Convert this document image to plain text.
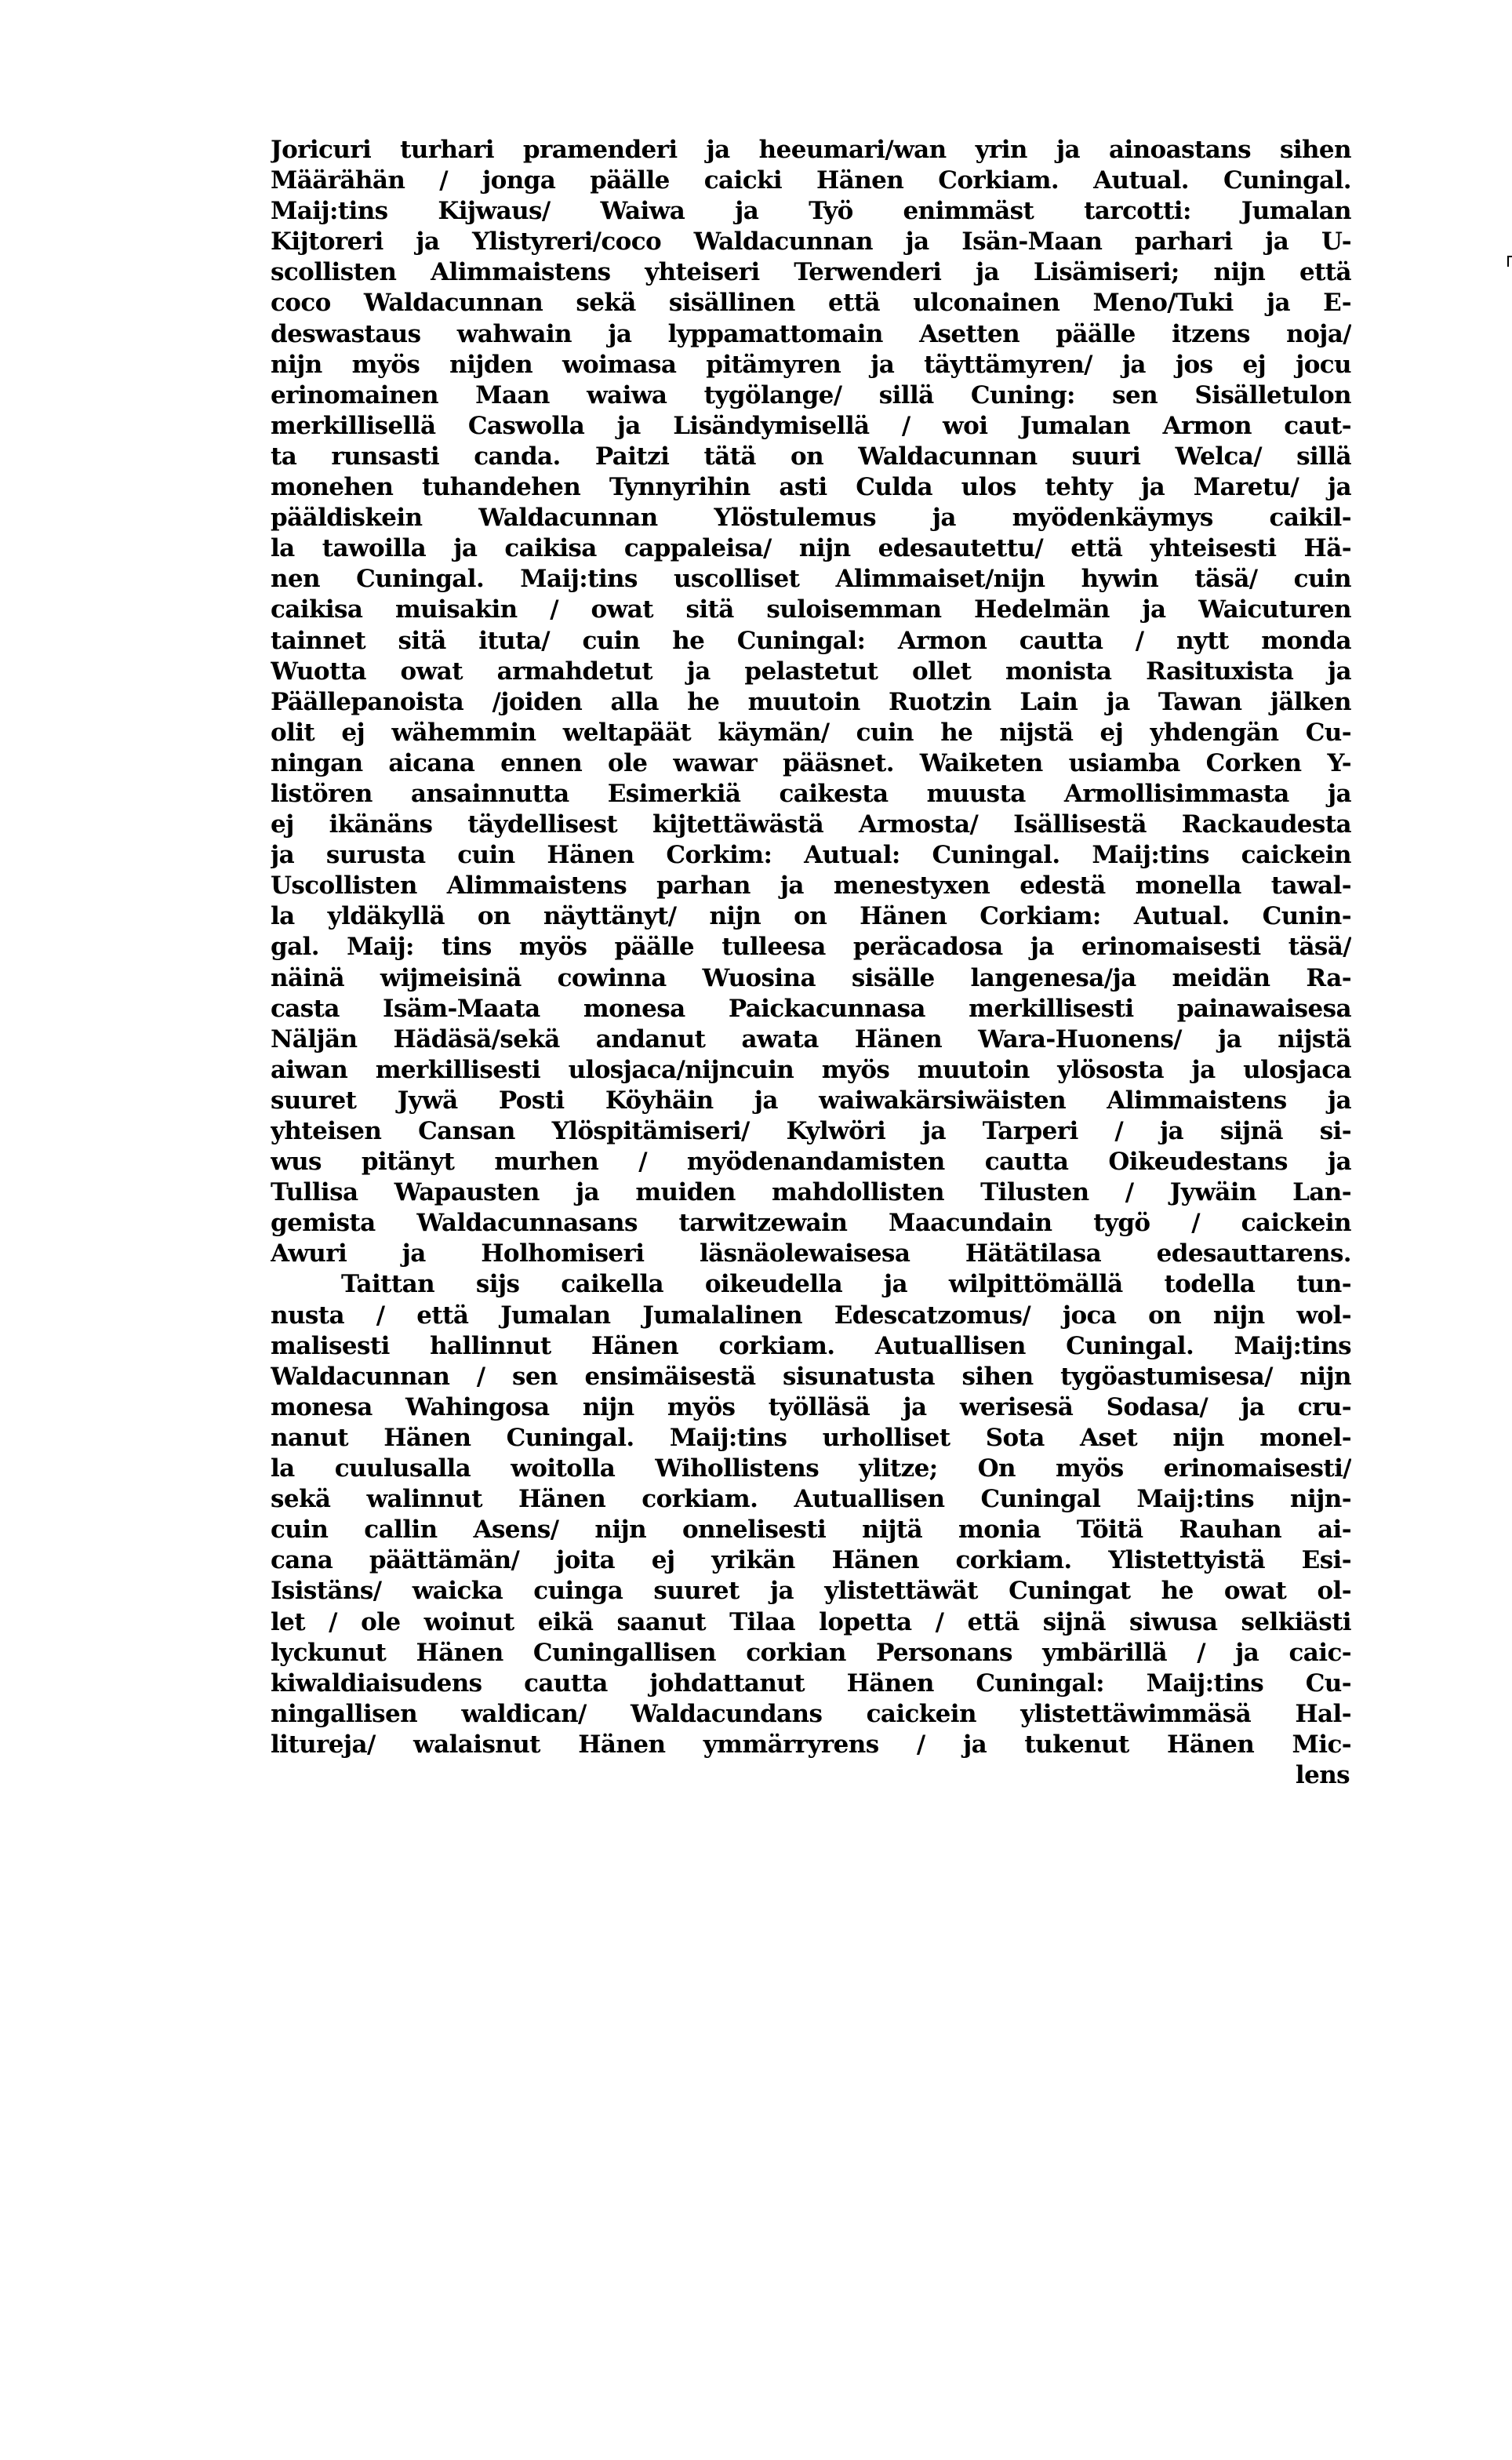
Joricuri turhari pramenderi ja heeumari/wan yrin ja ainoastans sihen
Määrähän / jonga päälle caicki Hänen Corkiam. Autual. Cuningal.
Maij:tins Kijwaus/ Waiwa ja Työ enimmäst tarcotti: Jumalan
Kijtoreri ja Ylistyreri/coco Waldacunnan ja Isän-Maan parhari ja U-
scollisten Alimmaistens yhteiseri Terwenderi ja Lisämiseri; nijn että
coco Waldacunnan sekä sisällinen että ulconainen Meno/Tuki ja E-
deswastaus wahwain ja lyppamattomain Asetten päälle itzens noja/
nijn myös nijden woimasa pitämyren ja täyttämyren/ ja jos ej jocu
erinomainen Maan waiwa tygölange/ sillä Cuning: sen Sisälletulon
merkillisellä Caswolla ja Lisändymisellä / woi Jumalan Armon caut-
ta runsasti canda. Paitzi tätä on Waldacunnan suuri Welca/ sillä
monehen tuhandehen Tynnyrihin asti Culda ulos tehty ja Maretu/ ja
pääldiskein Waldacunnan Ylöstulemus ja myödenkäymys caikil-
la tawoilla ja caikisa cappaleisa/ nijn edesautettu/ että yhteisesti Hä-
nen Cuningal. Maij:tins uscolliset Alimmaiset/nijn hywin täsä/ cuin
caikisa muisakin / owat sitä suloisemman Hedelmän ja Waicuturen
tainnet sitä ituta/ cuin he Cuningal: Armon cautta / nytt monda
Wuotta owat armahdetut ja pelastetut ollet monista Rasituxista ja
Päällepanoista /joiden alla he muutoin Ruotzin Lain ja Tawan jälken
olit ej wähemmin weltapäät käymän/ cuin he nijstä ej yhdengän Cu-
ningan aicana ennen ole wawar pääsnet. Waiketen usiamba Corken Y-
listören ansainnutta Esimerkiä caikesta muusta Armollisimmasta ja
ej ikänäns täydellisest kijtettäwästä Armosta/ Isällisestä Rackaudesta
ja surusta cuin Hänen Corkim: Autual: Cuningal. Maij:tins caickein
Uscollisten Alimmaistens parhan ja menestyxen edestä monella tawal-
la yldäkyllä on näyttänyt/ nijn on Hänen Corkiam: Autual. Cunin-
gal. Maij: tins myös päälle tulleesa peräcadosa ja erinomaisesti täsä/
näinä wijmeisinä cowinna Wuosina sisälle langenesa/ja meidän Ra-
casta Isäm-Maata monesa Paickacunnasa merkillisesti painawaisesa
Näljän Hädäsä/sekä andanut awata Hänen Wara-Huonens/ ja nijstä
aiwan merkillisesti ulosjaca/nijncuin myös muutoin ylösosta ja ulosjaca
suuret Jywä Posti Köyhäin ja waiwakärsiwäisten Alimmaistens ja
yhteisen Cansan Ylöspitämiseri/ Kylwöri ja Tarperi / ja sijnä si-
wus pitänyt murhen / myödenandamisten cautta Oikeudestans ja
Tullisa Wapausten ja muiden mahdollisten Tilusten / Jywäin Lan-
gemista Waldacunnasans tarwitzewain Maacundain tygö / caickein
Awuri ja Holhomiseri läsnäolewaisesa Hätätilasa edesauttarens.
Taittan sijs caikella oikeudella ja wilpittömällä todella tun-
nusta / että Jumalan Jumalalinen Edescatzomus/ joca on nijn wol-
malisesti hallinnut Hänen corkiam. Autuallisen Cuningal. Maij:tins
Waldacunnan / sen ensimäisestä sisunatusta sihen tygöastumisesa/ nijn
monesa Wahingosa nijn myös työlläsä ja werisesä Sodasa/ ja cru-
nanut Hänen Cuningal. Maij:tins urholliset Sota Aset nijn monel-
la cuulusalla woitolla Wihollistens ylitze; On myös erinomaisesti/
sekä walinnut Hänen corkiam. Autuallisen Cuningal Maij:tins nijn-
cuin callin Asens/ nijn onnelisesti nijtä monia Töitä Rauhan ai-
cana päättämän/ joita ej yrikän Hänen corkiam. Ylistettyistä Esi-
Isistäns/ waicka cuinga suuret ja ylistettäwät Cuningat he owat ol-
let / ole woinut eikä saanut Tilaa lopetta / että sijnä siwusa selkiästi
lyckunut Hänen Cuningallisen corkian Personans ymbärillä / ja caic-
kiwaldiaisudens cautta johdattanut Hänen Cuningal: Maij:tins Cu-
ningallisen waldican/ Waldacundans caickein ylistettäwimmäsä Hal-
litureja/ walaisnut Hänen ymmärryrens / ja tukenut Hänen Mic-
lens
